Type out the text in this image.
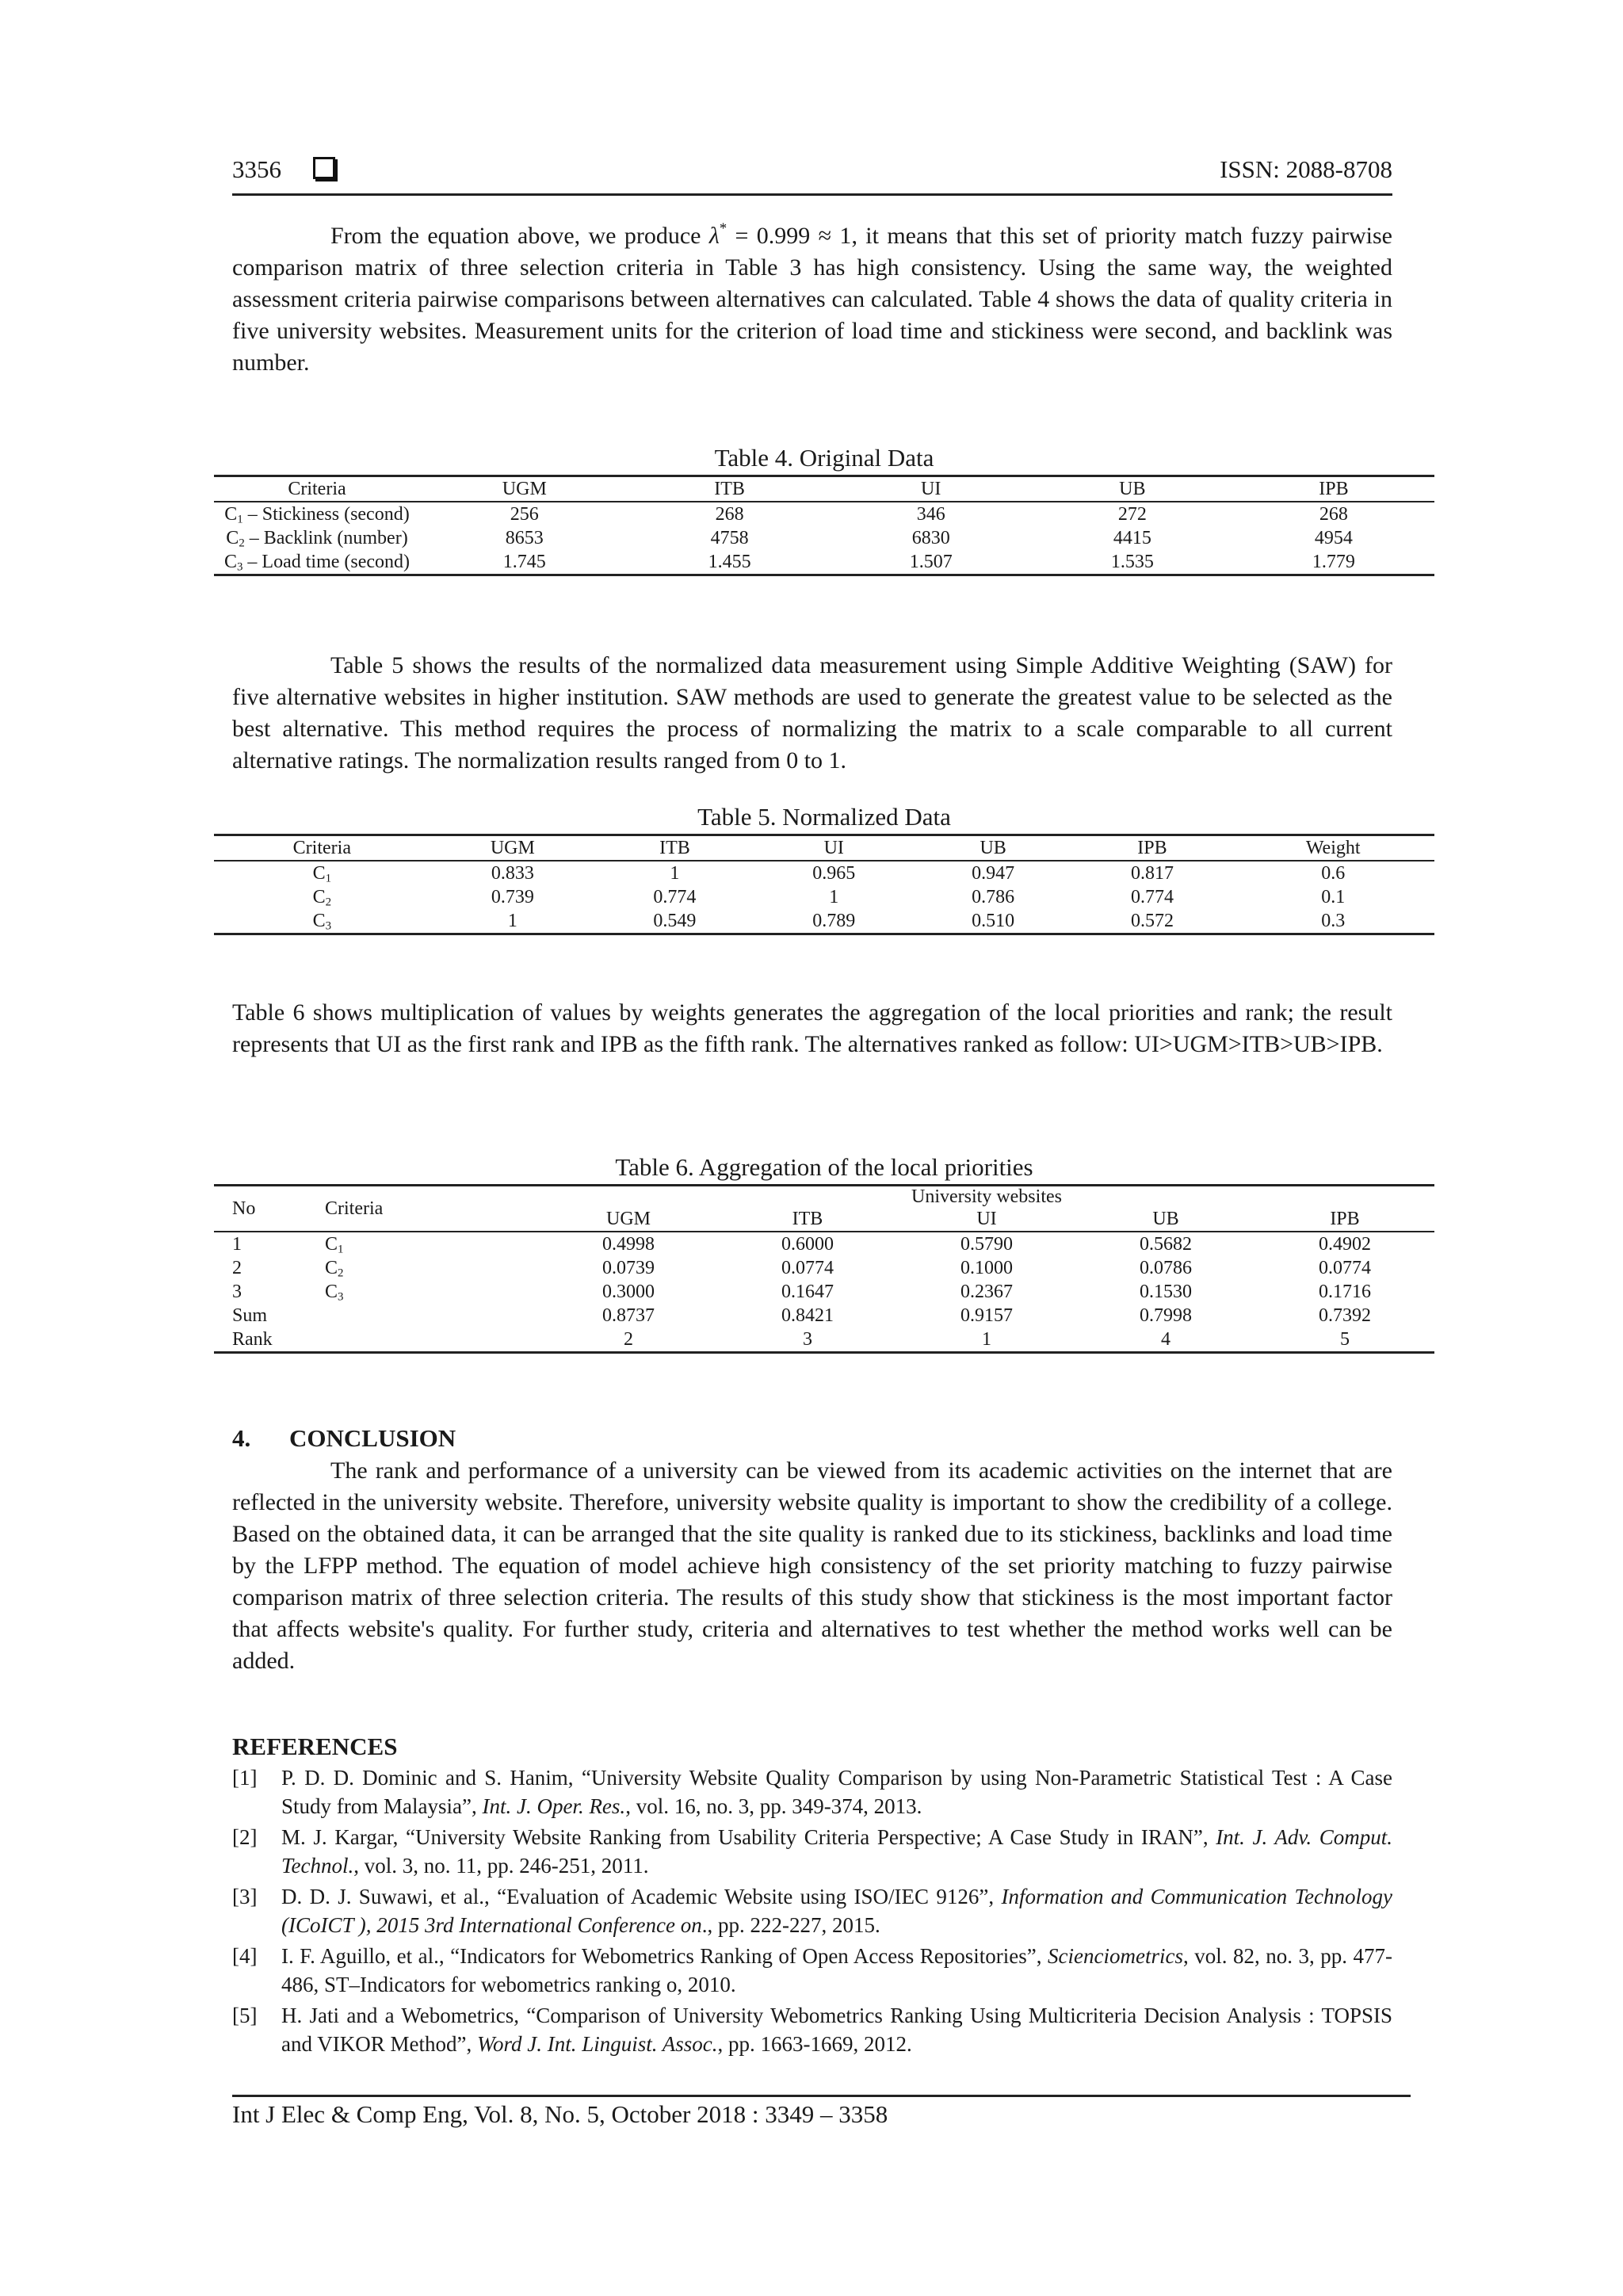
3356	ISSN: 2088-8708
From the equation above, we produce λ* = 0.999 ≈ 1, it means that this set of priority match fuzzy pairwise comparison matrix of three selection criteria in Table 3 has high consistency. Using the same way, the weighted assessment criteria pairwise comparisons between alternatives can calculated. Table 4 shows the data of quality criteria in five university websites. Measurement units for the criterion of load time and stickiness were second, and backlink was number.
Table 4. Original Data
Criteria	UGM	ITB	UI	UB	IPB
$C_1$ – Stickiness (second)	256	268	346	272	268
$C_2$ – Backlink (number)	8653	4758	6830	4415	4954
$C_3$ – Load time (second)	1.745	1.455	1.507	1.535	1.779
Table 5 shows the results of the normalized data measurement using Simple Additive Weighting (SAW) for five alternative websites in higher institution. SAW methods are used to generate the greatest value to be selected as the best alternative. This method requires the process of normalizing the matrix to a scale comparable to all current alternative ratings. The normalization results ranged from 0 to 1.
Table 5. Normalized Data
Criteria	UGM	ITB	UI	UB	IPB	Weight
$C_1$	0.833	1	0.965	0.947	0.817	0.6
$C_2$	0.739	0.774	1	0.786	0.774	0.1
$C_3$	1	0.549	0.789	0.510	0.572	0.3
Table 6 shows multiplication of values by weights generates the aggregation of the local priorities and rank; the result represents that UI as the first rank and IPB as the fifth rank. The alternatives ranked as follow: UI>UGM>ITB>UB>IPB.
Table 6. Aggregation of the local priorities
No	Criteria	University websites				
		UGM	ITB	UI	UB	IPB
1	$C_1$	0.4998	0.6000	0.5790	0.5682	0.4902
2	$C_2$	0.0739	0.0774	0.1000	0.0786	0.0774
3	$C_3$	0.3000	0.1647	0.2367	0.1530	0.1716
Sum		0.8737	0.8421	0.9157	0.7998	0.7392
Rank		2	3	1	4	5
4. CONCLUSION
The rank and performance of a university can be viewed from its academic activities on the internet that are reflected in the university website. Therefore, university website quality is important to show the credibility of a college. Based on the obtained data, it can be arranged that the site quality is ranked due to its stickiness, backlinks and load time by the LFPP method. The equation of model achieve high consistency of the set priority matching to fuzzy pairwise comparison matrix of three selection criteria. The results of this study show that stickiness is the most important factor that affects website's quality. For further study, criteria and alternatives to test whether the method works well can be added.
REFERENCES
[1]	P. D. D. Dominic and S. Hanim, “University Website Quality Comparison by using Non-Parametric Statistical Test : A Case Study from Malaysia”, Int. J. Oper. Res., vol. 16, no. 3, pp. 349-374, 2013.
[2]	M. J. Kargar, “University Website Ranking from Usability Criteria Perspective; A Case Study in IRAN”, Int. J. Adv. Comput. Technol., vol. 3, no. 11, pp. 246-251, 2011.
[3]	D. D. J. Suwawi, et al., “Evaluation of Academic Website using ISO/IEC 9126”, Information and Communication Technology (ICoICT ), 2015 3rd International Conference on., pp. 222-227, 2015.
[4]	I. F. Aguillo, et al., “Indicators for Webometrics Ranking of Open Access Repositories”, Scienciometrics, vol. 82, no. 3, pp. 477-486, ST–Indicators for webometrics ranking o, 2010.
[5]	H. Jati and a Webometrics, “Comparison of University Webometrics Ranking Using Multicriteria Decision Analysis : TOPSIS and VIKOR Method”, Word J. Int. Linguist. Assoc., pp. 1663-1669, 2012.
Int J Elec & Comp Eng, Vol. 8, No. 5, October 2018 : 3349 – 3358
